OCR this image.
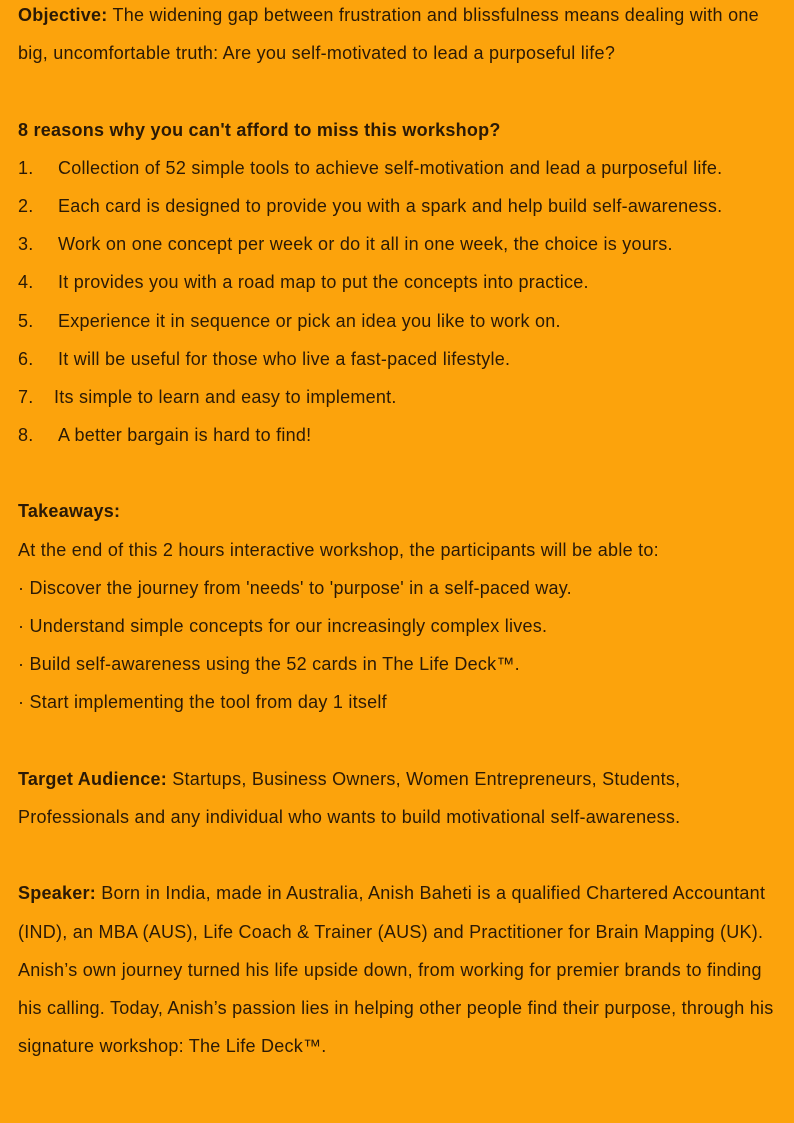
Objective: The widening gap between frustration and blissfulness means dealing with one big, uncomfortable truth: Are you self-motivated to lead a purposeful life?
8 reasons why you can't afford to miss this workshop?
1. Collection of 52 simple tools to achieve self-motivation and lead a purposeful life.
2. Each card is designed to provide you with a spark and help build self-awareness.
3. Work on one concept per week or do it all in one week, the choice is yours.
4. It provides you with a road map to put the concepts into practice.
5. Experience it in sequence or pick an idea you like to work on.
6. It will be useful for those who live a fast-paced lifestyle.
7. Its simple to learn and easy to implement.
8. A better bargain is hard to find!
Takeaways:
At the end of this 2 hours interactive workshop, the participants will be able to:
· Discover the journey from 'needs' to 'purpose' in a self-paced way.
· Understand simple concepts for our increasingly complex lives.
· Build self-awareness using the 52 cards in The Life Deck™.
· Start implementing the tool from day 1 itself
Target Audience: Startups, Business Owners, Women Entrepreneurs, Students, Professionals and any individual who wants to build motivational self-awareness.
Speaker: Born in India, made in Australia, Anish Baheti is a qualified Chartered Accountant (IND), an MBA (AUS), Life Coach & Trainer (AUS) and Practitioner for Brain Mapping (UK). Anish’s own journey turned his life upside down, from working for premier brands to finding his calling. Today, Anish’s passion lies in helping other people find their purpose, through his signature workshop: The Life Deck™.
